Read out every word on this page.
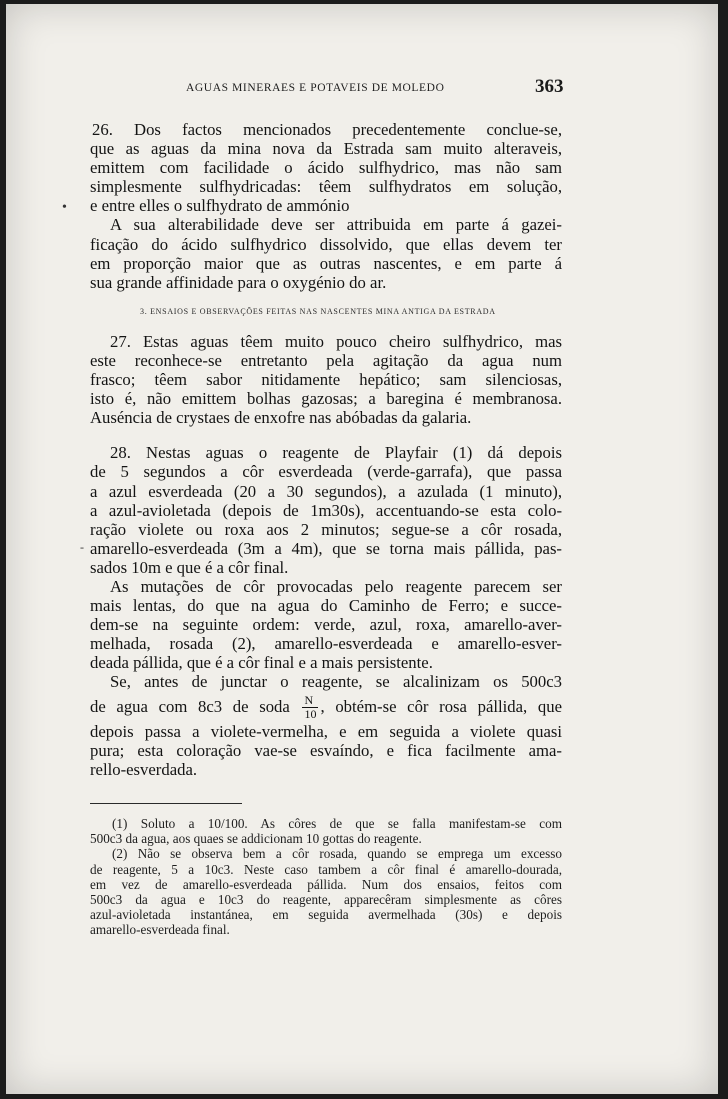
AGUAS MINERAES E POTAVEIS DE MOLEDO	363
•
-
26. Dos factos mencionados precedentemente conclue-se,
que as aguas da mina nova da Estrada sam muito alteraveis,
emittem com facilidade o ácido sulfhydrico, mas não sam
simplesmente sulfhydricadas: têem sulfhydratos em solução,
e entre elles o sulfhydrato de ammónio
A sua alterabilidade deve ser attribuida em parte á gazei-
ficação do ácido sulfhydrico dissolvido, que ellas devem ter
em proporção maior que as outras nascentes, e em parte á
sua grande affinidade para o oxygénio do ar.
3. ENSAIOS E OBSERVAÇÕES FEITAS NAS NASCENTES MINA ANTIGA DA ESTRADA
27. Estas aguas têem muito pouco cheiro sulfhydrico, mas
este reconhece-se entretanto pela agitação da agua num
frasco; têem sabor nitidamente hepático; sam silenciosas,
isto é, não emittem bolhas gazosas; a baregina é membranosa.
Auséncia de crystaes de enxofre nas abóbadas da galaria.
28. Nestas aguas o reagente de Playfair (1) dá depois
de 5 segundos a côr esverdeada (verde-garrafa), que passa
a azul esverdeada (20 a 30 segundos), a azulada (1 minuto),
a azul-avioletada (depois de 1m30s), accentuando-se esta colo-
ração violete ou roxa aos 2 minutos; segue-se a côr rosada,
amarello-esverdeada (3m a 4m), que se torna mais pállida, pas-
sados 10m e que é a côr final.
As mutações de côr provocadas pelo reagente parecem ser
mais lentas, do que na agua do Caminho de Ferro; e succe-
dem-se na seguinte ordem: verde, azul, roxa, amarello-aver-
melhada, rosada (2), amarello-esverdeada e amarello-esver-
deada pállida, que é a côr final e a mais persistente.
Se, antes de junctar o reagente, se alcalinizam os 500c3
de agua com 8c3 de soda $\frac{N}{10}$ , obtém-se côr rosa pállida, que
depois passa a violete-vermelha, e em seguida a violete quasi
pura; esta coloração vae-se esvaíndo, e fica facilmente ama-
rello-esverdada.
(1) Soluto a 10/100. As côres de que se falla manifestam-se com
500c3 da agua, aos quaes se addicionam 10 gottas do reagente.
(2) Não se observa bem a côr rosada, quando se emprega um excesso
de reagente, 5 a 10c3. Neste caso tambem a côr final é amarello-dourada,
em vez de amarello-esverdeada pállida. Num dos ensaios, feitos com
500c3 da agua e 10c3 do reagente, apparecêram simplesmente as côres
azul-avioletada instantánea, em seguida avermelhada (30s) e depois
amarello-esverdeada final.
